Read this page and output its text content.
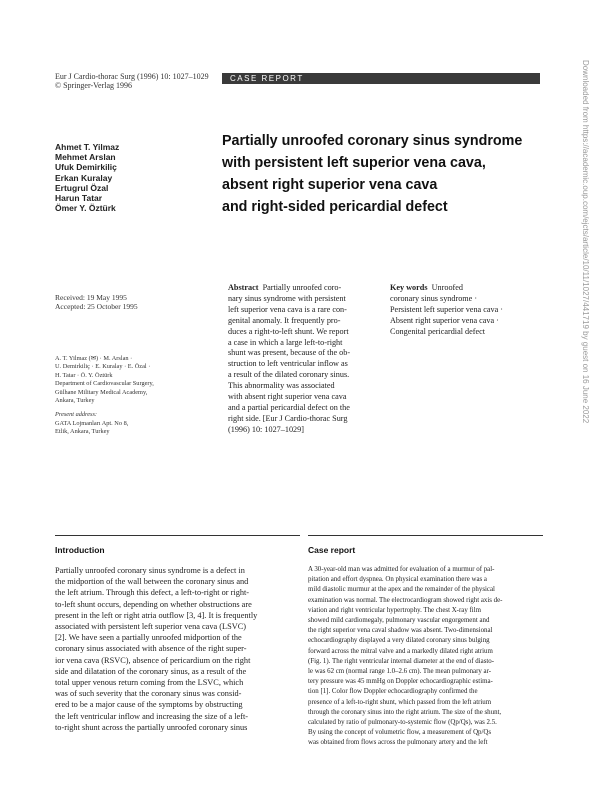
Eur J Cardio-thorac Surg (1996) 10: 1027–1029
© Springer-Verlag 1996
CASE REPORT
Ahmet T. Yilmaz
Mehmet Arslan
Ufuk Demirkiliç
Erkan Kuralay
Ertugrul Özal
Harun Tatar
Ömer Y. Öztürk
Partially unroofed coronary sinus syndrome
with persistent left superior vena cava,
absent right superior vena cava
and right-sided pericardial defect
Received: 19 May 1995
Accepted: 25 October 1995
A. T. Yilmaz (✉) · M. Arslan ·
U. Demirkiliç · E. Kuralay · E. Özal ·
H. Tatar · Ö. Y. Öztürk
Department of Cardiovascular Surgery,
Gülhane Military Medical Academy,
Ankara, Turkey
Present address:
GATA Lojmanları Apt. No 8,
Etlik, Ankara, Turkey
Abstract Partially unroofed coro-
nary sinus syndrome with persistent
left superior vena cava is a rare con-
genital anomaly. It frequently pro-
duces a right-to-left shunt. We report
a case in which a large left-to-right
shunt was present, because of the ob-
struction to left ventricular inflow as
a result of the dilated coronary sinus.
This abnormality was associated
with absent right superior vena cava
and a partial pericardial defect on the
right side. [Eur J Cardio-thorac Surg
(1996) 10: 1027–1029]
Key words Unroofed
coronary sinus syndrome ·
Persistent left superior vena cava ·
Absent right superior vena cava ·
Congenital pericardial defect
Introduction	Case report
Partially unroofed coronary sinus syndrome is a defect in
the midportion of the wall between the coronary sinus and
the left atrium. Through this defect, a left-to-right or right-
to-left shunt occurs, depending on whether obstructions are
present in the left or right atria outflow [3, 4]. It is frequently
associated with persistent left superior vena cava (LSVC)
[2]. We have seen a partially unroofed midportion of the
coronary sinus associated with absence of the right super-
ior vena cava (RSVC), absence of pericardium on the right
side and dilatation of the coronary sinus, as a result of the
total upper venous return coming from the LSVC, which
was of such severity that the coronary sinus was consid-
ered to be a major cause of the symptoms by obstructing
the left ventricular inflow and increasing the size of a left-
to-right shunt across the partially unroofed coronary sinus
A 30-year-old man was admitted for evaluation of a murmur of pal-
pitation and effort dyspnea. On physical examination there was a
mild diastolic murmur at the apex and the remainder of the physical
examination was normal. The electrocardiogram showed right axis de-
viation and right ventricular hypertrophy. The chest X-ray film
showed mild cardiomegaly, pulmonary vascular engorgement and
the right superior vena caval shadow was absent. Two-dimensional
echocardiography displayed a very dilated coronary sinus bulging
forward across the mitral valve and a markedly dilated right atrium
(Fig. 1). The right ventricular internal diameter at the end of diasto-
le was 62 cm (normal range 1.0–2.6 cm). The mean pulmonary ar-
tery pressure was 45 mmHg on Doppler echocardiographic estima-
tion [1]. Color flow Doppler echocardiography confirmed the
presence of a left-to-right shunt, which passed from the left atrium
through the coronary sinus into the right atrium. The size of the shunt,
calculated by ratio of pulmonary-to-systemic flow (Qp/Qs), was 2.5.
By using the concept of volumetric flow, a measurement of Qp/Qs
was obtained from flows across the pulmonary artery and the left
Downloaded from https://academic.oup.com/ejcts/article/10/11/1027/441719 by guest on 16 June 2022
